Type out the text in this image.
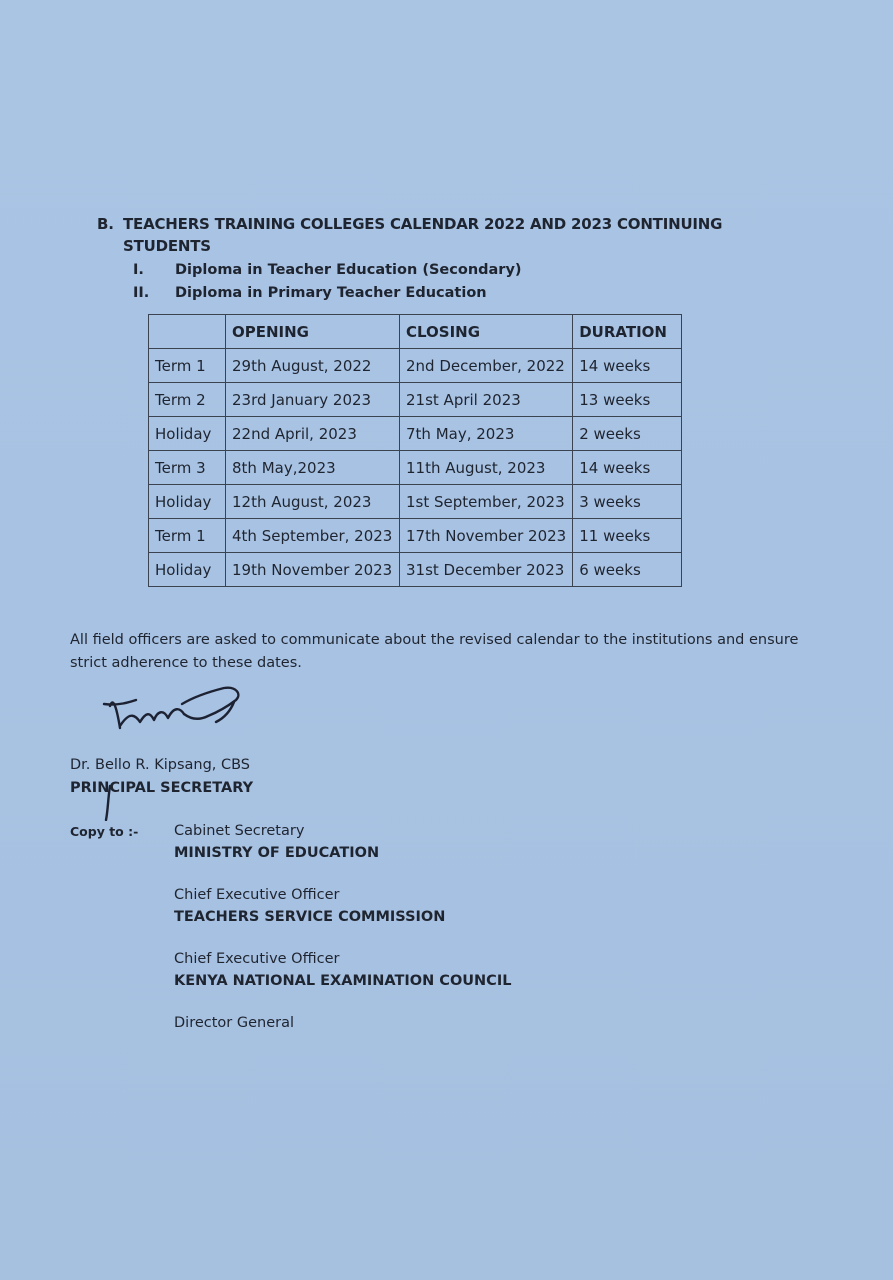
B. TEACHERS TRAINING COLLEGES CALENDAR 2022 AND 2023 CONTINUING
STUDENTS
I. Diploma in Teacher Education (Secondary)
II. Diploma in Primary Teacher Education
	OPENING	CLOSING	DURATION
Term 1	29th August, 2022	2nd December, 2022	14 weeks
Term 2	23rd January 2023	21st April 2023	13 weeks
Holiday	22nd April, 2023	7th May, 2023	2 weeks
Term 3	8th May,2023	11th August, 2023	14 weeks
Holiday	12th August, 2023	1st September, 2023	3 weeks
Term 1	4th September, 2023	17th November 2023	11 weeks
Holiday	19th November 2023	31st December 2023	6 weeks
All field officers are asked to communicate about the revised calendar to the institutions and ensure strict adherence to these dates.
Dr. Bello R. Kipsang, CBS
PRINCIPAL SECRETARY
Copy to :- Cabinet Secretary
MINISTRY OF EDUCATION
Chief Executive Officer
TEACHERS SERVICE COMMISSION
Chief Executive Officer
KENYA NATIONAL EXAMINATION COUNCIL
Director General
